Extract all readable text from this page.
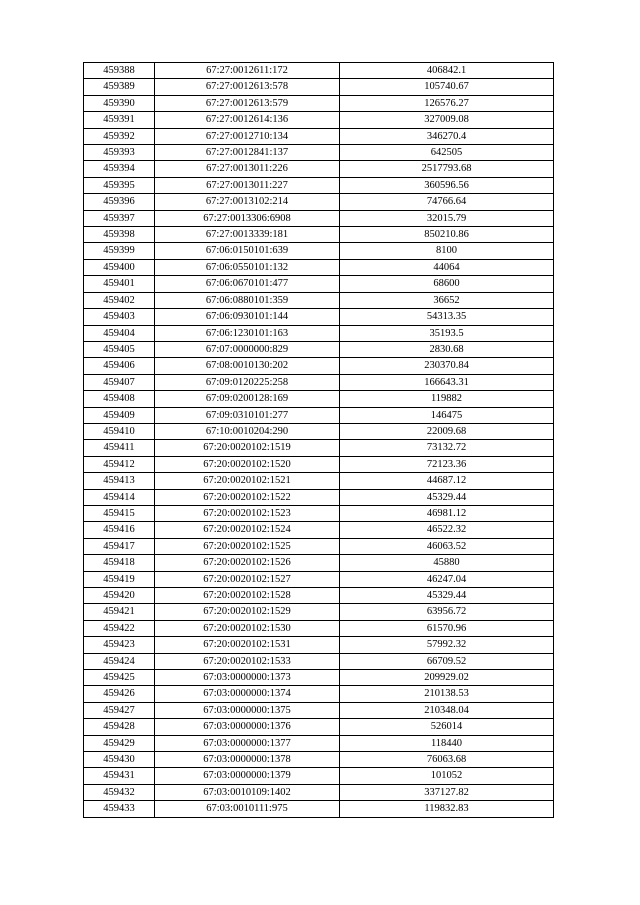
459388	67:27:0012611:172	406842.1
459389	67:27:0012613:578	105740.67
459390	67:27:0012613:579	126576.27
459391	67:27:0012614:136	327009.08
459392	67:27:0012710:134	346270.4
459393	67:27:0012841:137	642505
459394	67:27:0013011:226	2517793.68
459395	67:27:0013011:227	360596.56
459396	67:27:0013102:214	74766.64
459397	67:27:0013306:6908	32015.79
459398	67:27:0013339:181	850210.86
459399	67:06:0150101:639	8100
459400	67:06:0550101:132	44064
459401	67:06:0670101:477	68600
459402	67:06:0880101:359	36652
459403	67:06:0930101:144	54313.35
459404	67:06:1230101:163	35193.5
459405	67:07:0000000:829	2830.68
459406	67:08:0010130:202	230370.84
459407	67:09:0120225:258	166643.31
459408	67:09:0200128:169	119882
459409	67:09:0310101:277	146475
459410	67:10:0010204:290	22009.68
459411	67:20:0020102:1519	73132.72
459412	67:20:0020102:1520	72123.36
459413	67:20:0020102:1521	44687.12
459414	67:20:0020102:1522	45329.44
459415	67:20:0020102:1523	46981.12
459416	67:20:0020102:1524	46522.32
459417	67:20:0020102:1525	46063.52
459418	67:20:0020102:1526	45880
459419	67:20:0020102:1527	46247.04
459420	67:20:0020102:1528	45329.44
459421	67:20:0020102:1529	63956.72
459422	67:20:0020102:1530	61570.96
459423	67:20:0020102:1531	57992.32
459424	67:20:0020102:1533	66709.52
459425	67:03:0000000:1373	209929.02
459426	67:03:0000000:1374	210138.53
459427	67:03:0000000:1375	210348.04
459428	67:03:0000000:1376	526014
459429	67:03:0000000:1377	118440
459430	67:03:0000000:1378	76063.68
459431	67:03:0000000:1379	101052
459432	67:03:0010109:1402	337127.82
459433	67:03:0010111:975	119832.83
